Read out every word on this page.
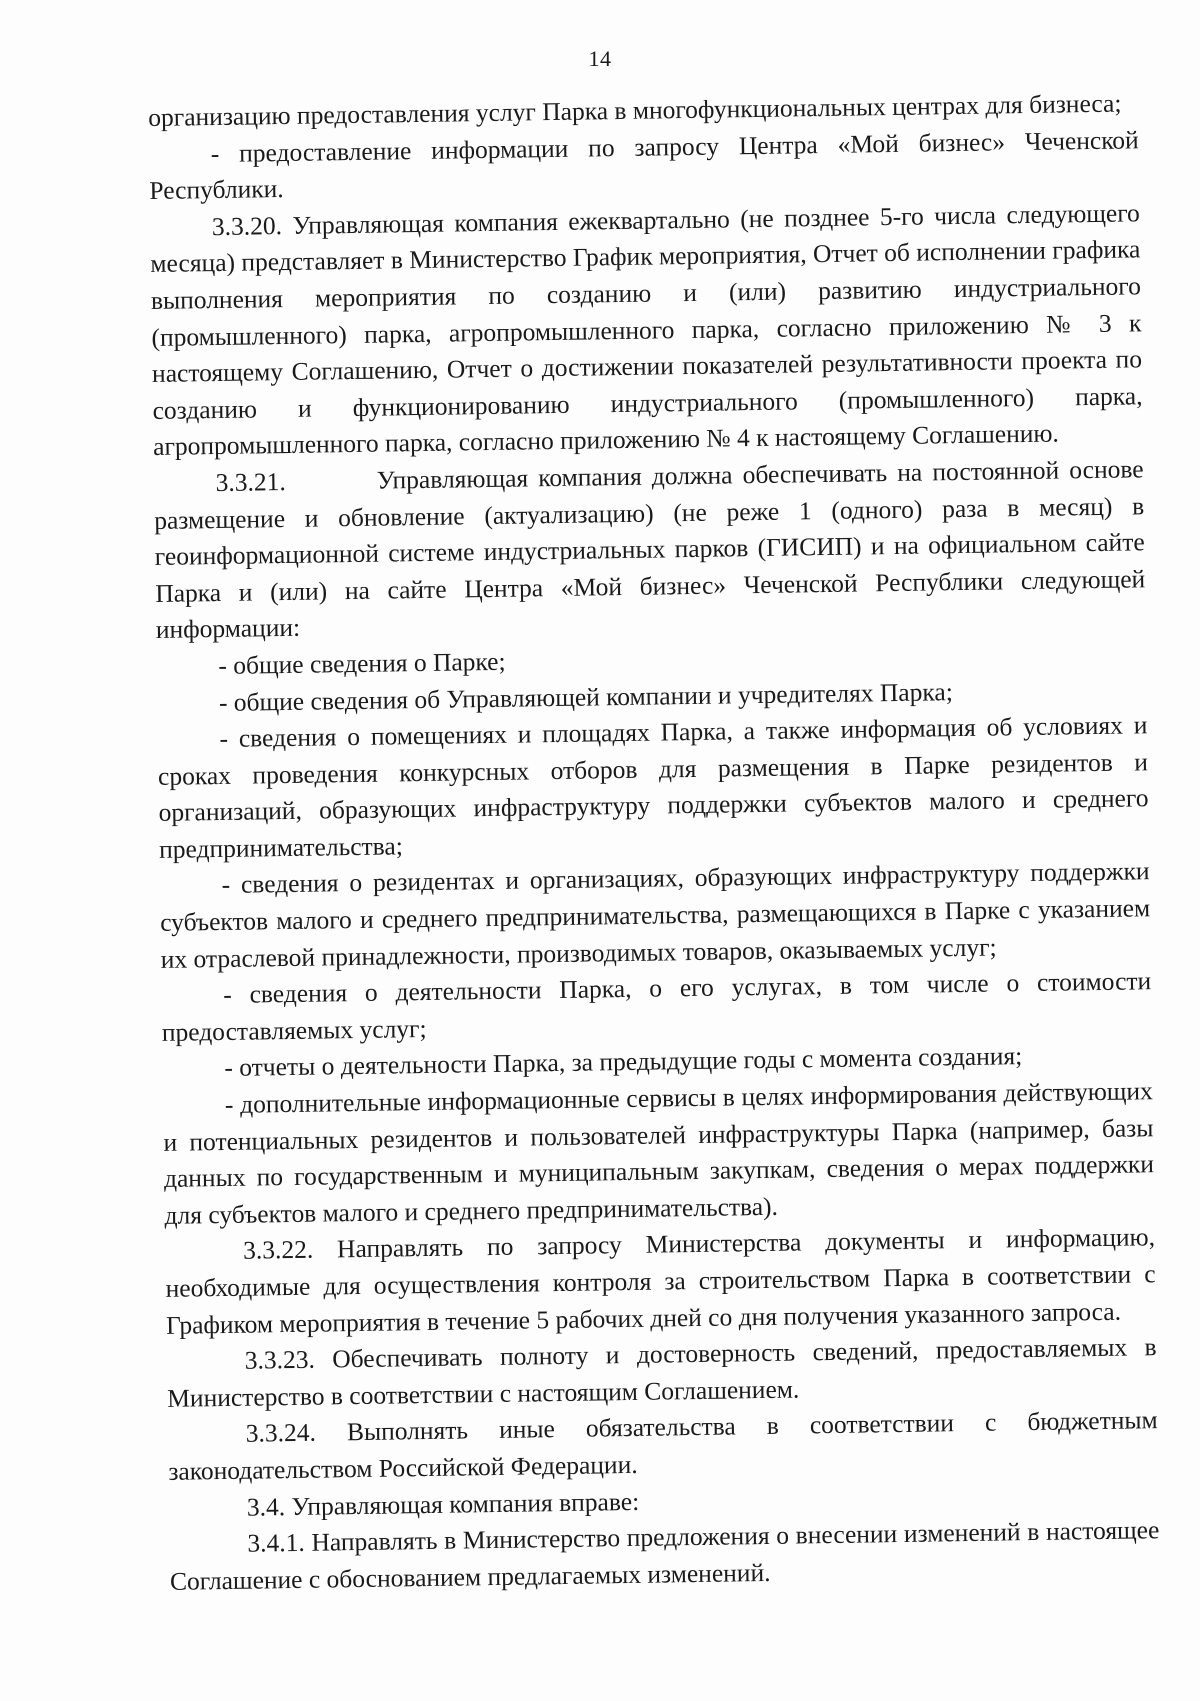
14

организацию предоставления услуг Парка в многофункциональных центрах для бизнеса;

- предоставление информации по запросу Центра «Мой бизнес» Чеченской Республики.

3.3.20. Управляющая компания ежеквартально (не позднее 5-го числа следующего месяца) представляет в Министерство График мероприятия, Отчет об исполнении графика выполнения мероприятия по созданию и (или) развитию индустриального (промышленного) парка, агропромышленного парка, согласно приложению № 3 к настоящему Соглашению, Отчет о достижении показателей результативности проекта по созданию и функционированию индустриального (промышленного) парка, агропромышленного парка, согласно приложению № 4 к настоящему Соглашению.

3.3.21.         Управляющая компания должна обеспечивать на постоянной основе размещение и обновление (актуализацию) (не реже 1 (одного) раза в месяц) в геоинформационной системе индустриальных парков (ГИСИП) и на официальном сайте Парка и (или) на сайте Центра «Мой бизнес» Чеченской Республики следующей информации:

- общие сведения о Парке;

- общие сведения об Управляющей компании и учредителях Парка;

- сведения о помещениях и площадях Парка, а также информация об условиях и сроках проведения конкурсных отборов для размещения в Парке резидентов и организаций, образующих инфраструктуру поддержки субъектов малого и среднего предпринимательства;

- сведения о резидентах и организациях, образующих инфраструктуру поддержки субъектов малого и среднего предпринимательства, размещающихся в Парке с указанием их отраслевой принадлежности, производимых товаров, оказываемых услуг;

- сведения о деятельности Парка, о его услугах, в том числе о стоимости предоставляемых услуг;

- отчеты о деятельности Парка, за предыдущие годы с момента создания;

- дополнительные информационные сервисы в целях информирования действующих и потенциальных резидентов и пользователей инфраструктуры Парка (например, базы данных по государственным и муниципальным закупкам, сведения о мерах поддержки для субъектов малого и среднего предпринимательства).

3.3.22. Направлять по запросу Министерства документы и информацию, необходимые для осуществления контроля за строительством Парка в соответствии с Графиком мероприятия в течение 5 рабочих дней со дня получения указанного запроса.

3.3.23. Обеспечивать полноту и достоверность сведений, предоставляемых в Министерство в соответствии с настоящим Соглашением.

3.3.24. Выполнять иные обязательства в соответствии с бюджетным законодательством Российской Федерации.

3.4. Управляющая компания вправе:

3.4.1. Направлять в Министерство предложения о внесении изменений в настоящее Соглашение с обоснованием предлагаемых изменений.
